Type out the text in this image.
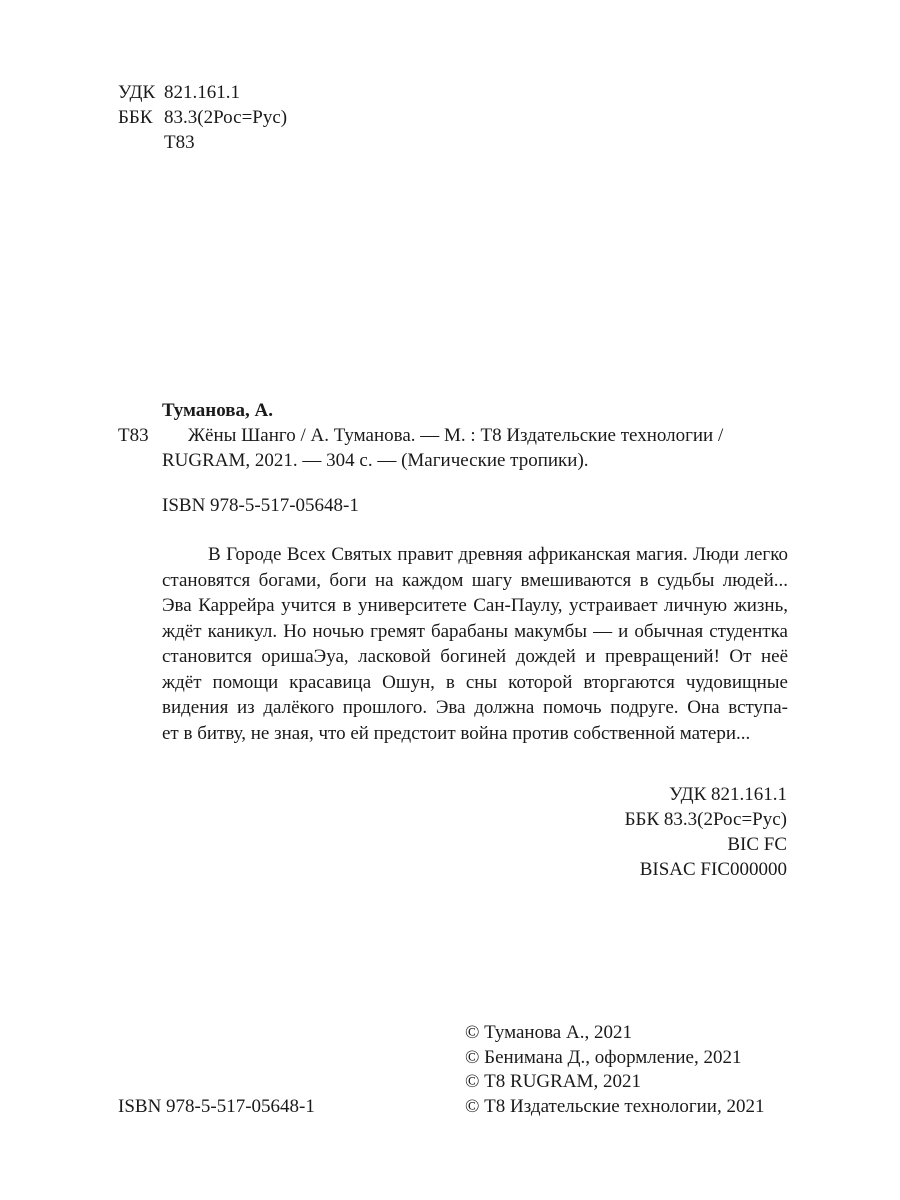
УДК 821.161.1
ББК 83.3(2Рос=Рус)
Т83
Туманова, А.
Т83 Жёны Шанго / А. Туманова. — М. : Т8 Издательские технологии /
RUGRAM, 2021. — 304 с. — (Магические тропики).
ISBN 978-5-517-05648-1
В Городе Всех Святых правит древняя африканская магия. Люди легко
становятся богами, боги на каждом шагу вмешиваются в судьбы людей...
Эва Каррейра учится в университете Сан-Паулу, устраивает личную жизнь,
ждёт каникул. Но ночью гремят барабаны макумбы — и обычная студентка
становится оришаЭуа, ласковой богиней дождей и превращений! От неё
ждёт помощи красавица Ошун, в сны которой вторгаются чудовищные
видения из далёкого прошлого. Эва должна помочь подруге. Она вступа-
ет в битву, не зная, что ей предстоит война против собственной матери...
УДК 821.161.1
ББК 83.3(2Рос=Рус)
BIC FC
BISAC FIC000000
© Туманова А., 2021
© Бенимана Д., оформление, 2021
© Т8 RUGRAM, 2021
© Т8 Издательские технологии, 2021
ISBN 978-5-517-05648-1
